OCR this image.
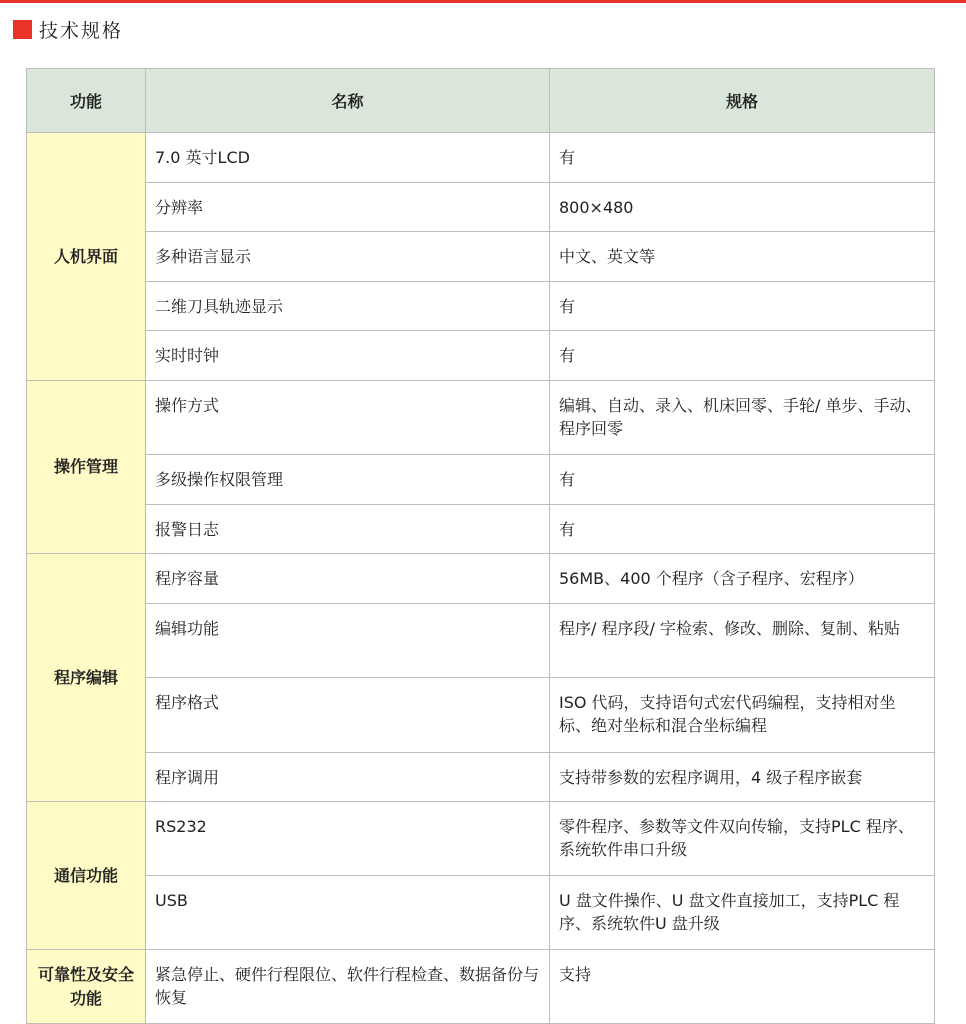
技术规格
功能	名称	规格
人机界面	7.0 英寸LCD	有
	分辨率	800×480
	多种语言显示	中文、英文等
	二维刀具轨迹显示	有
	实时时钟	有
操作管理	操作方式	编辑、自动、录入、机床回零、手轮/ 单步、手动、程序回零
	多级操作权限管理	有
	报警日志	有
程序编辑	程序容量	56MB、400 个程序（含子程序、宏程序）
	编辑功能	程序/ 程序段/ 字检索、修改、删除、复制、粘贴
	程序格式	ISO 代码，支持语句式宏代码编程，支持相对坐标、绝对坐标和混合坐标编程
	程序调用	支持带参数的宏程序调用，4 级子程序嵌套
通信功能	RS232	零件程序、参数等文件双向传输，支持PLC 程序、系统软件串口升级
	USB	U 盘文件操作、U 盘文件直接加工，支持PLC 程序、系统软件U 盘升级
可靠性及安全功能	紧急停止、硬件行程限位、软件行程检查、数据备份与恢复	支持
